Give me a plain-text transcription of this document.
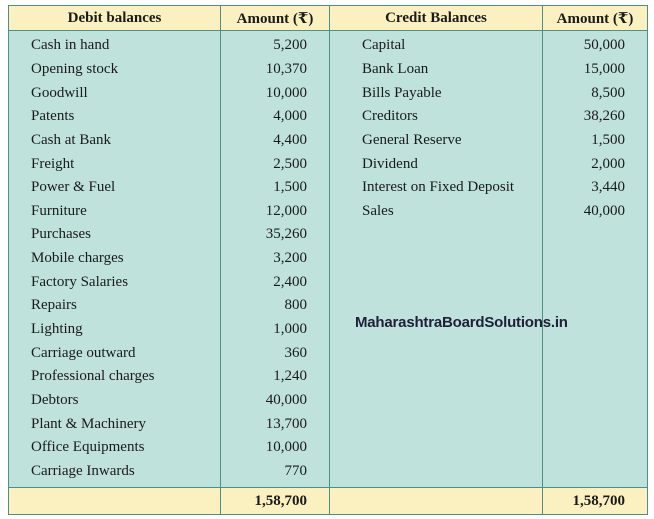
Debit balances	Amount (₹)	Credit Balances	Amount (₹)
Cash in hand	5,200	Capital	50,000
Opening stock	10,370	Bank Loan	15,000
Goodwill	10,000	Bills Payable	8,500
Patents	4,000	Creditors	38,260
Cash at Bank	4,400	General Reserve	1,500
Freight	2,500	Dividend	2,000
Power & Fuel	1,500	Interest on Fixed Deposit	3,440
Furniture	12,000	Sales	40,000
Purchases	35,260		
Mobile charges	3,200		
Factory Salaries	2,400		
Repairs	800		
Lighting	1,000		
Carriage outward	360		
Professional charges	1,240		
Debtors	40,000		
Plant & Machinery	13,700		
Office Equipments	10,000		
Carriage Inwards	770		
	1,58,700		1,58,700
MaharashtraBoardSolutions.in
